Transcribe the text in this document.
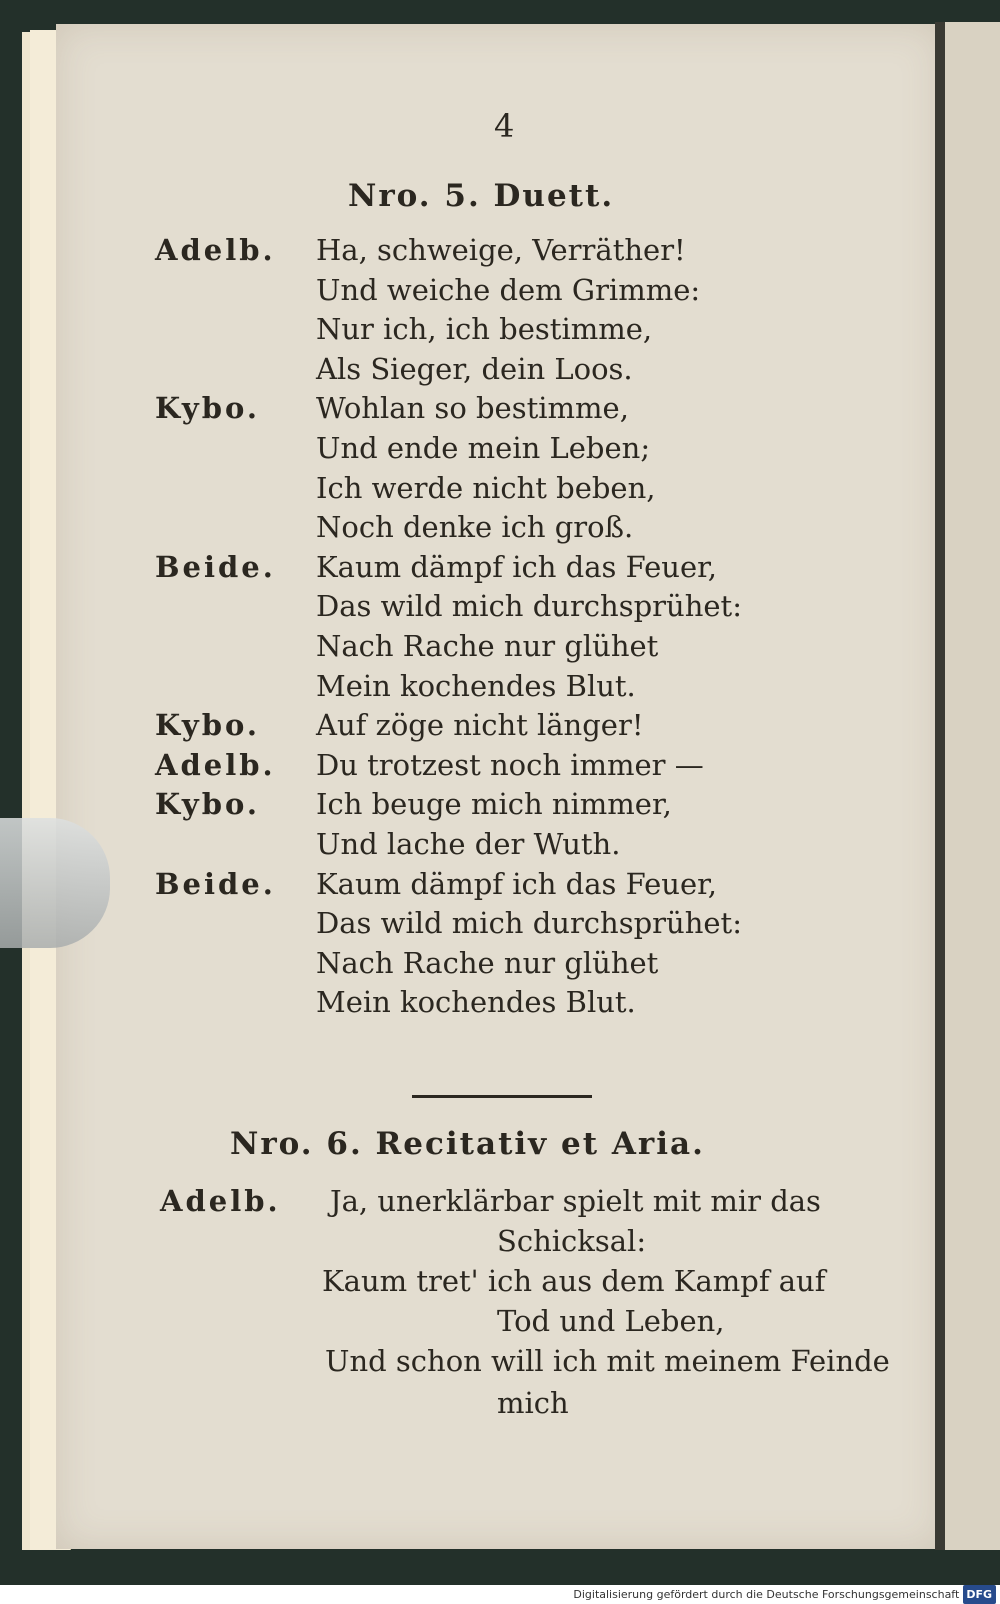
4
Nro. 5. Duett.
Adelb. Ha, schweige, Verräther!
Und weiche dem Grimme:
Nur ich, ich bestimme,
Als Sieger, dein Loos.
Kybo. Wohlan so bestimme,
Und ende mein Leben;
Ich werde nicht beben,
Noch denke ich groß.
Beide. Kaum dämpf ich das Feuer,
Das wild mich durchsprühet:
Nach Rache nur glühet
Mein kochendes Blut.
Kybo. Auf zöge nicht länger!
Adelb. Du trotzest noch immer —
Kybo. Ich beuge mich nimmer,
Und lache der Wuth.
Beide. Kaum dämpf ich das Feuer,
Das wild mich durchsprühet:
Nach Rache nur glühet
Mein kochendes Blut.
Nro. 6. Recitativ et Aria.
Adelb. Ja, unerklärbar spielt mit mir das
Schicksal:
Kaum tret' ich aus dem Kampf auf
Tod und Leben,
Und schon will ich mit meinem Feinde
mich
Digitalisierung gefördert durch die Deutsche Forschungsgemeinschaft DFG
